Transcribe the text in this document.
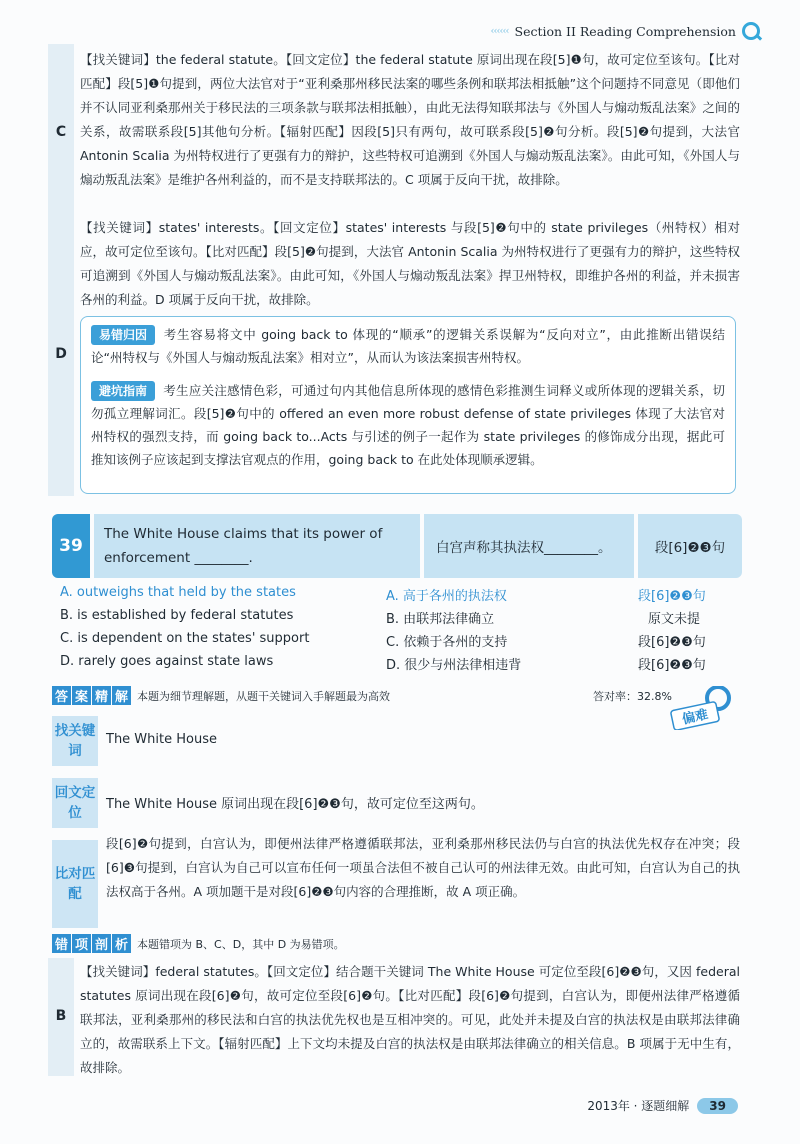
‹‹‹‹‹‹ Section II Reading Comprehension
C
【找关键词】the federal statute。【回文定位】the federal statute 原词出现在段[5]❶句，故可定位至该句。【比对匹配】段[5]❶句提到，两位大法官对于“亚利桑那州移民法案的哪些条例和联邦法相抵触”这个问题持不同意见（即他们并不认同亚利桑那州关于移民法的三项条款与联邦法相抵触），由此无法得知联邦法与《外国人与煽动叛乱法案》之间的关系，故需联系段[5]其他句分析。【辐射匹配】因段[5]只有两句，故可联系段[5]❷句分析。段[5]❷句提到，大法官 Antonin Scalia 为州特权进行了更强有力的辩护，这些特权可追溯到《外国人与煽动叛乱法案》。由此可知，《外国人与煽动叛乱法案》是维护各州利益的，而不是支持联邦法的。C 项属于反向干扰，故排除。
D
【找关键词】states' interests。【回文定位】states' interests 与段[5]❷句中的 state privileges（州特权）相对应，故可定位至该句。【比对匹配】段[5]❷句提到，大法官 Antonin Scalia 为州特权进行了更强有力的辩护，这些特权可追溯到《外国人与煽动叛乱法案》。由此可知，《外国人与煽动叛乱法案》捍卫州特权，即维护各州的利益，并未损害各州的利益。D 项属于反向干扰，故排除。
易错归因 考生容易将文中 going back to 体现的“顺承”的逻辑关系误解为“反向对立”，由此推断出错误结论“州特权与《外国人与煽动叛乱法案》相对立”，从而认为该法案损害州特权。
避坑指南 考生应关注感情色彩，可通过句内其他信息所体现的感情色彩推测生词释义或所体现的逻辑关系，切勿孤立理解词汇。段[5]❷句中的 offered an even more robust defense of state privileges 体现了大法官对州特权的强烈支持，而 going back to...Acts 与引述的例子一起作为 state privileges 的修饰成分出现，据此可推知该例子应该起到支撑法官观点的作用，going back to 在此处体现顺承逻辑。
39
The White House claims that its power of enforcement ________.
白宫声称其执法权________。	段[6]❷❸句
A. outweighs that held by the states	A. 高于各州的执法权	段[6]❷❸句
B. is established by federal statutes	B. 由联邦法律确立	原文未提
C. is dependent on the states' support	C. 依赖于各州的支持	段[6]❷❸句
D. rarely goes against state laws	D. 很少与州法律相违背	段[6]❷❸句
答 案 精 解 本题为细节理解题，从题干关键词入手解题最为高效	答对率：32.8%
偏难
找关键词
The White House
回文定位
The White House 原词出现在段[6]❷❸句，故可定位至这两句。
比对匹配
段[6]❷句提到，白宫认为，即便州法律严格遵循联邦法，亚利桑那州移民法仍与白宫的执法优先权存在冲突；段[6]❸句提到，白宫认为自己可以宣布任何一项虽合法但不被自己认可的州法律无效。由此可知，白宫认为自己的执法权高于各州。A 项加题干是对段[6]❷❸句内容的合理推断，故 A 项正确。
错 项 剖 析 本题错项为 B、C、D，其中 D 为易错项。
B
【找关键词】federal statutes。【回文定位】结合题干关键词 The White House 可定位至段[6]❷❸句，又因 federal statutes 原词出现在段[6]❷句，故可定位至段[6]❷句。【比对匹配】段[6]❷句提到，白宫认为，即便州法律严格遵循联邦法，亚利桑那州的移民法和白宫的执法优先权也是互相冲突的。可见，此处并未提及白宫的执法权是由联邦法律确立的，故需联系上下文。【辐射匹配】上下文均未提及白宫的执法权是由联邦法律确立的相关信息。B 项属于无中生有，故排除。
2013年 · 逐题细解	39
